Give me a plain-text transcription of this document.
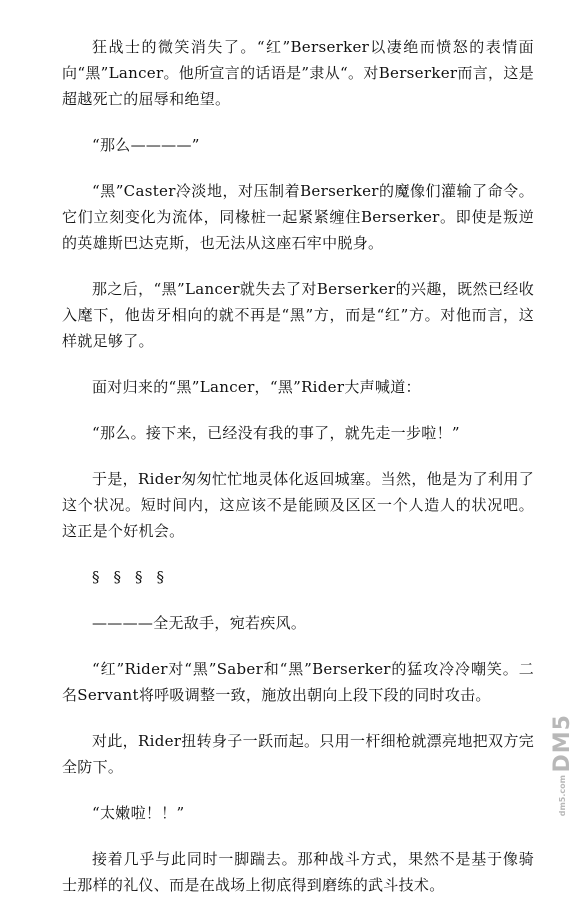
狂战士的微笑消失了。“红”Berserker以凄绝而愤怒的表情面向“黑”Lancer。他所宣言的话语是”隶从“。对Berserker而言，这是超越死亡的屈辱和绝望。

“那么————”

“黑”Caster冷淡地，对压制着Berserker的魔像们灌输了命令。它们立刻变化为流体，同椽桩一起紧紧缠住Berserker。即使是叛逆的英雄斯巴达克斯，也无法从这座石牢中脱身。

那之后，“黑”Lancer就失去了对Berserker的兴趣，既然已经收入麾下，他齿牙相向的就不再是“黑”方，而是“红”方。对他而言，这样就足够了。

面对归来的“黑”Lancer，“黑”Rider大声喊道：

“那么。接下来，已经没有我的事了，就先走一步啦！”

于是，Rider匆匆忙忙地灵体化返回城塞。当然，他是为了利用了这个状况。短时间内，这应该不是能顾及区区一个人造人的状况吧。这正是个好机会。

§§§§

————全无敌手，宛若疾风。

“红”Rider对“黑”Saber和“黑”Berserker的猛攻冷冷嘲笑。二名Servant将呼吸调整一致，施放出朝向上段下段的同时攻击。

对此，Rider扭转身子一跃而起。只用一杆细枪就漂亮地把双方完全防下。

“太嫩啦！！”

接着几乎与此同时一脚踹去。那种战斗方式，果然不是基于像骑士那样的礼仪、而是在战场上彻底得到磨练的武斗技术。

DM5
dm5.com
